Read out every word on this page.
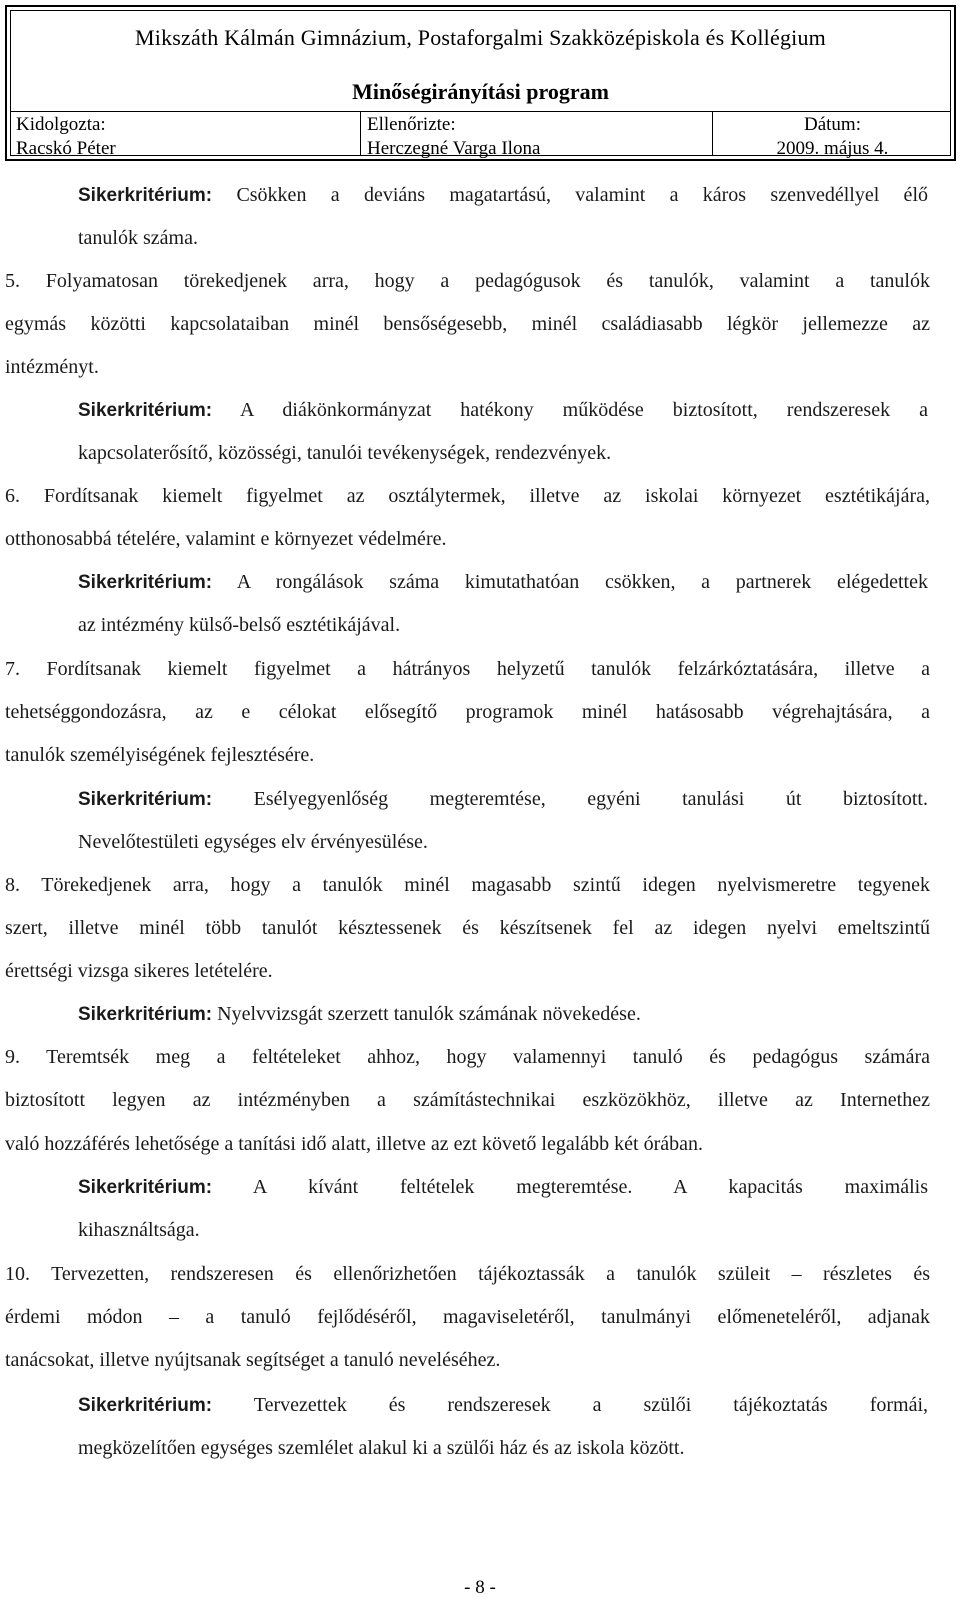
Mikszáth Kálmán Gimnázium, Postaforgalmi Szakközépiskola és Kollégium
Minőségirányítási program
Kidolgozta:
Racskó Péter
Ellenőrizte:
Herczegné Varga Ilona
Dátum:
2009. május 4.
Sikerkritérium: Csökken a deviáns magatartású, valamint a káros szenvedéllyel élő
tanulók száma.
5. Folyamatosan törekedjenek arra, hogy a pedagógusok és tanulók, valamint a tanulók
egymás közötti kapcsolataiban minél bensőségesebb, minél családiasabb légkör jellemezze az
intézményt.
Sikerkritérium: A diákönkormányzat hatékony működése biztosított, rendszeresek a
kapcsolaterősítő, közösségi, tanulói tevékenységek, rendezvények.
6. Fordítsanak kiemelt figyelmet az osztálytermek, illetve az iskolai környezet esztétikájára,
otthonosabbá tételére, valamint e környezet védelmére.
Sikerkritérium: A rongálások száma kimutathatóan csökken, a partnerek elégedettek
az intézmény külső-belső esztétikájával.
7. Fordítsanak kiemelt figyelmet a hátrányos helyzetű tanulók felzárkóztatására, illetve a
tehetséggondozásra, az e célokat elősegítő programok minél hatásosabb végrehajtására, a
tanulók személyiségének fejlesztésére.
Sikerkritérium: Esélyegyenlőség megteremtése, egyéni tanulási út biztosított.
Nevelőtestületi egységes elv érvényesülése.
8. Törekedjenek arra, hogy a tanulók minél magasabb szintű idegen nyelvismeretre tegyenek
szert, illetve minél több tanulót késztessenek és készítsenek fel az idegen nyelvi emeltszintű
érettségi vizsga sikeres letételére.
Sikerkritérium: Nyelvvizsgát szerzett tanulók számának növekedése.
9. Teremtsék meg a feltételeket ahhoz, hogy valamennyi tanuló és pedagógus számára
biztosított legyen az intézményben a számítástechnikai eszközökhöz, illetve az Internethez
való hozzáférés lehetősége a tanítási idő alatt, illetve az ezt követő legalább két órában.
Sikerkritérium: A kívánt feltételek megteremtése. A kapacitás maximális
kihasználtsága.
10. Tervezetten, rendszeresen és ellenőrizhetően tájékoztassák a tanulók szüleit – részletes és
érdemi módon – a tanuló fejlődéséről, magaviseletéről, tanulmányi előmeneteléről, adjanak
tanácsokat, illetve nyújtsanak segítséget a tanuló neveléséhez.
Sikerkritérium: Tervezettek és rendszeresek a szülői tájékoztatás formái,
megközelítően egységes szemlélet alakul ki a szülői ház és az iskola között.
- 8 -
